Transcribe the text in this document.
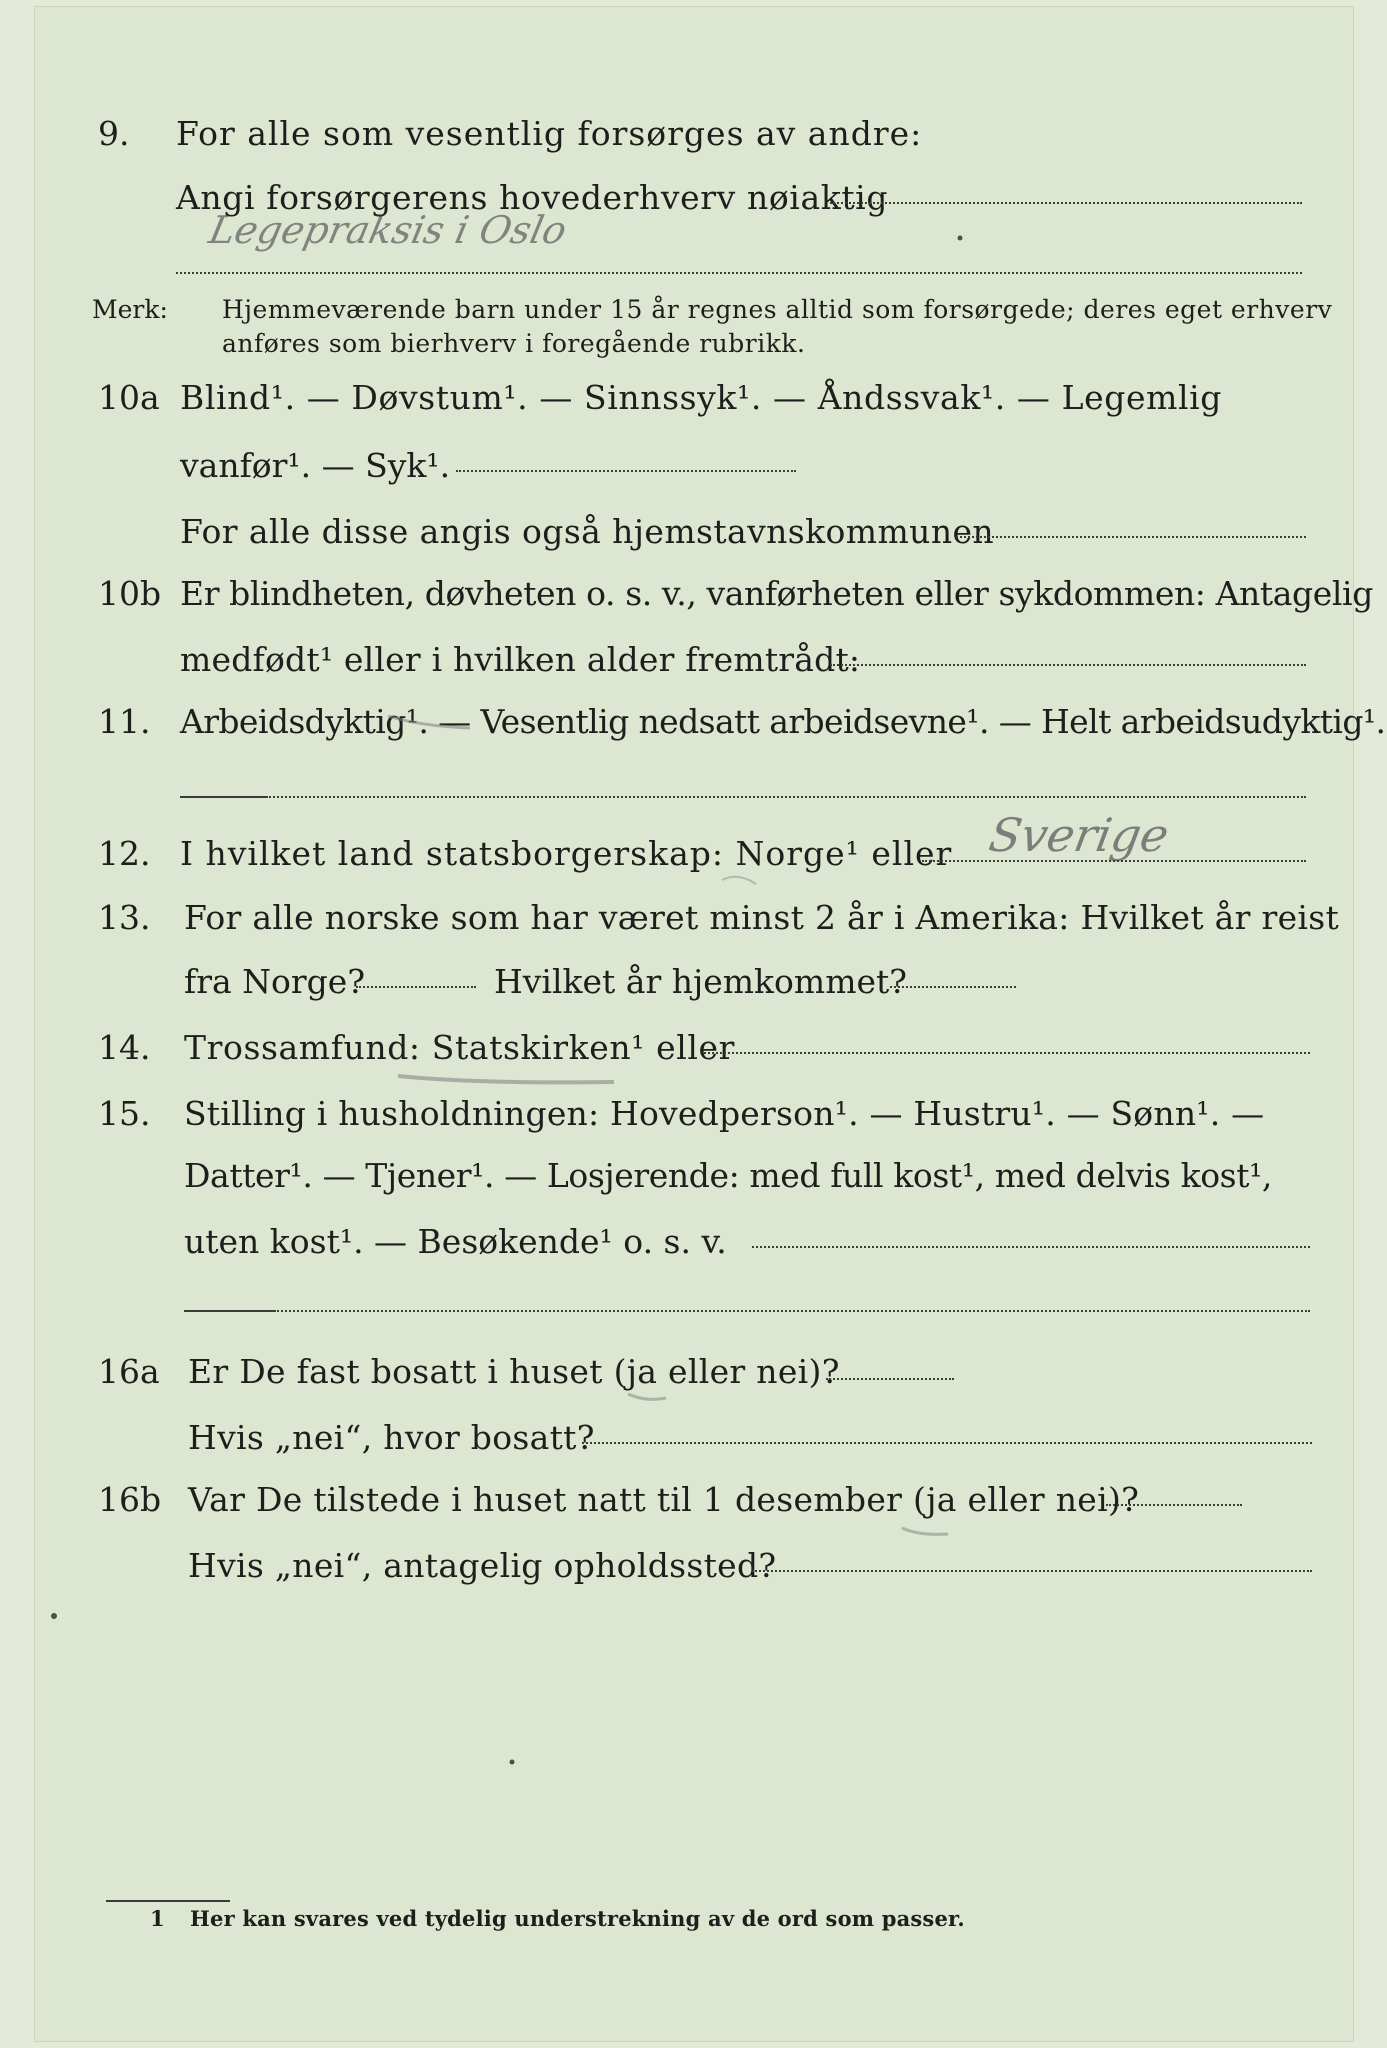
9. For alle som vesentlig forsørges av andre:
Angi forsørgerens hovederhverv nøiaktig
Legepraksis i Oslo
Merk: Hjemmeværende barn under 15 år regnes alltid som forsørgede; deres eget erhverv
anføres som bierhverv i foregående rubrikk.
10a Blind¹. — Døvstum¹. — Sinnssyk¹. — Åndssvak¹. — Legemlig
vanfør¹. — Syk¹.
For alle disse angis også hjemstavnskommunen
10b Er blindheten, døvheten o. s. v., vanførheten eller sykdommen: Antagelig
medfødt¹ eller i hvilken alder fremtrådt:
11. Arbeidsdyktig¹. — Vesentlig nedsatt arbeidsevne¹. — Helt arbeidsudyktig¹.
12. I hvilket land statsborgerskap: Norge¹ eller Sverige
13. For alle norske som har været minst 2 år i Amerika: Hvilket år reist
fra Norge?	Hvilket år hjemkommet?
14. Trossamfund: Statskirken¹ eller
15. Stilling i husholdningen: Hovedperson¹. — Hustru¹. — Sønn¹. —
Datter¹. — Tjener¹. — Losjerende: med full kost¹, med delvis kost¹,
uten kost¹. — Besøkende¹ o. s. v.
16a Er De fast bosatt i huset (ja eller nei)?
Hvis „nei“, hvor bosatt?
16b Var De tilstede i huset natt til 1 desember (ja eller nei)?
Hvis „nei“, antagelig opholdssted?
1 Her kan svares ved tydelig understrekning av de ord som passer.
